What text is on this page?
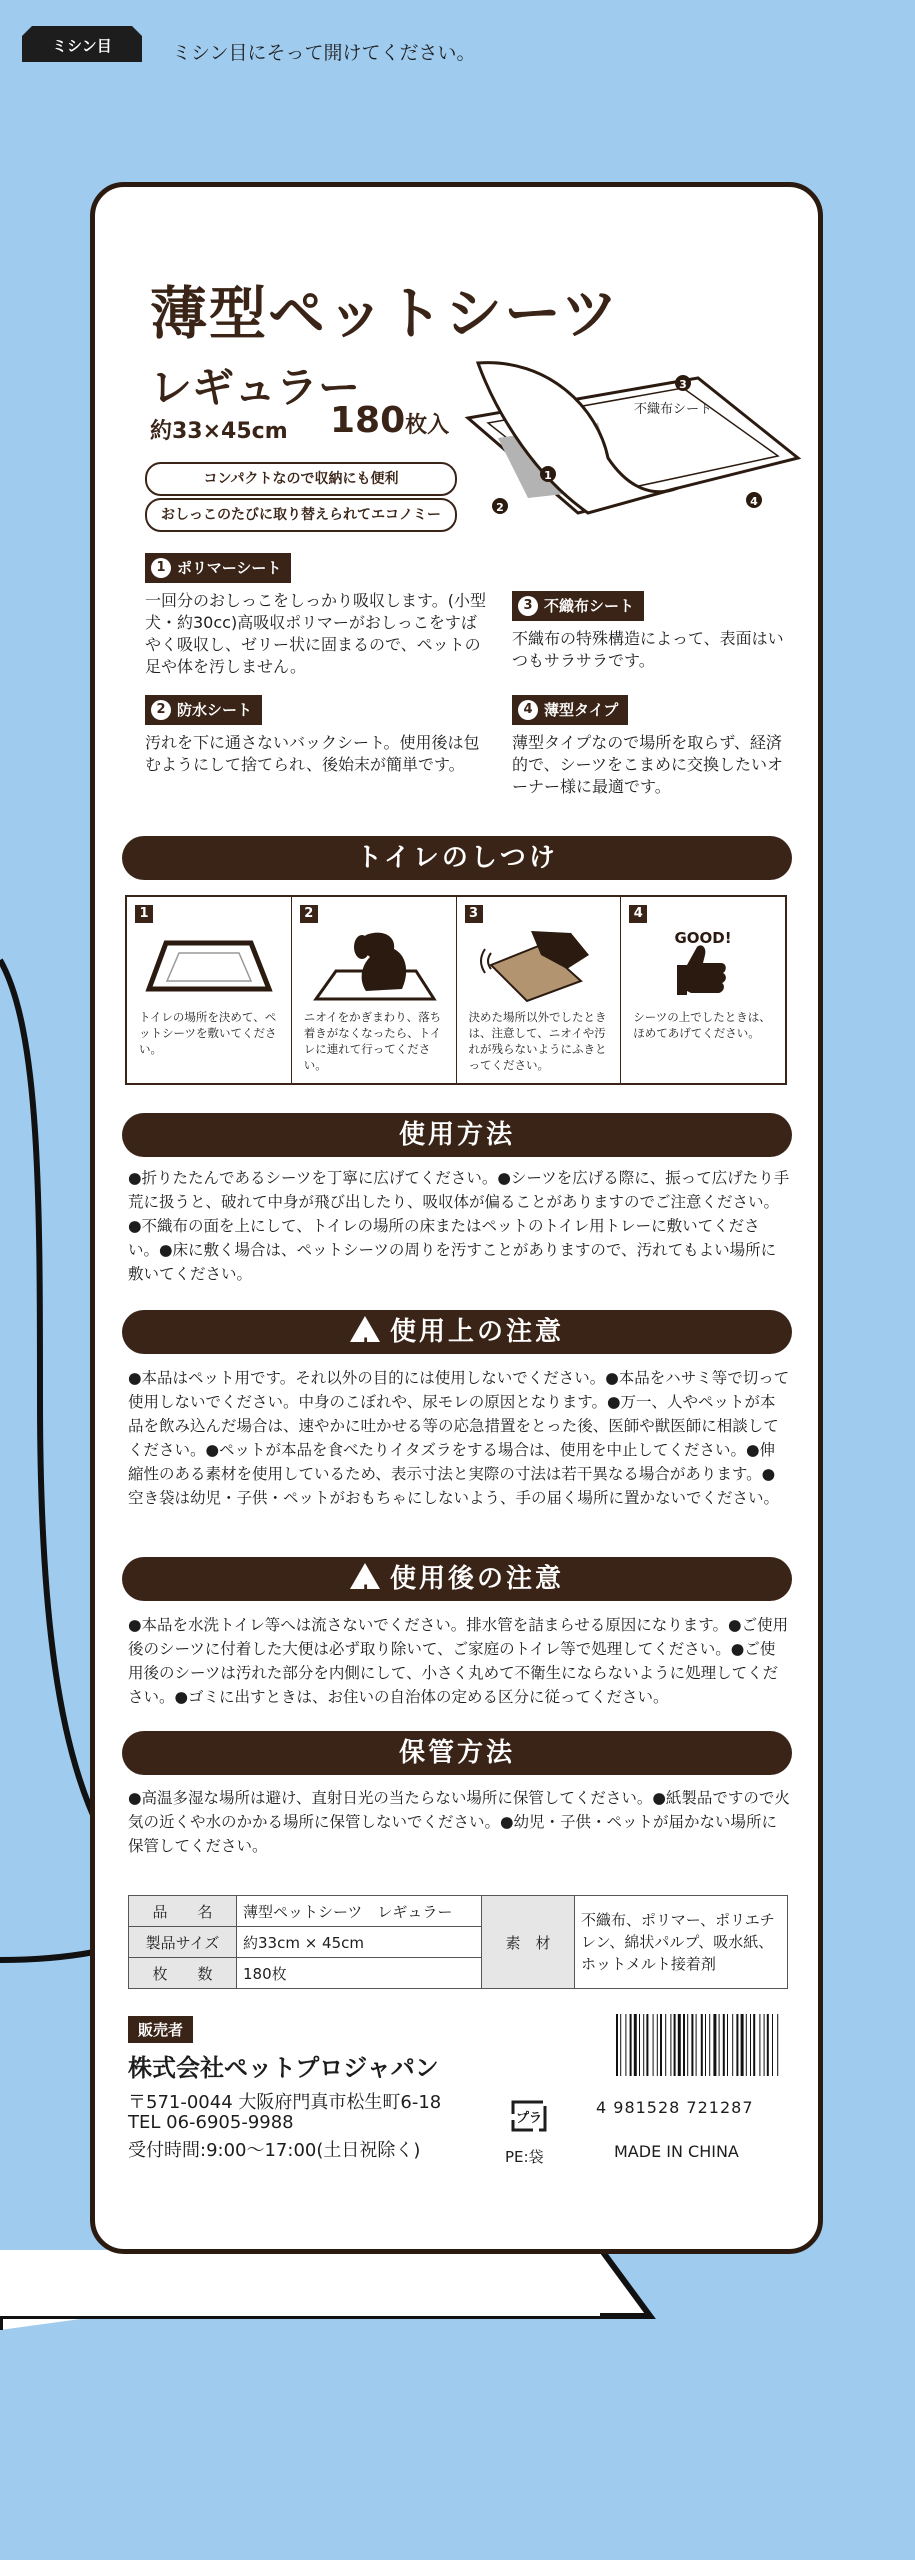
ミシン目	ミシン目にそって開けてください。
薄型ペットシーツ
レギュラー
約33×45cm 180枚入
コンパクトなので収納にも便利
おしっこのたびに取り替えられてエコノミー
3
不織布シート
1
2	4
1 ポリマーシート
一回分のおしっこをしっかり吸収します。(小型犬・約30cc)高吸収ポリマーがおしっこをすばやく吸収し、ゼリー状に固まるので、ペットの足や体を汚しません。
2 防水シート
汚れを下に通さないバックシート。使用後は包むようにして捨てられ、後始末が簡単です。
3 不織布シート
不織布の特殊構造によって、表面はいつもサラサラです。
4 薄型タイプ
薄型タイプなので場所を取らず、経済的で、シーツをこまめに交換したいオーナー様に最適です。
トイレのしつけ
1
トイレの場所を決めて、ペットシーツを敷いてください。
2
ニオイをかぎまわり、落ち着きがなくなったら、トイレに連れて行ってください。
3
決めた場所以外でしたときは、注意して、ニオイや汚れが残らないようにふきとってください。
4
GOOD!
シーツの上でしたときは、ほめてあげてください。
使用方法
●折りたたんであるシーツを丁寧に広げてください。●シーツを広げる際に、振って広げたり手荒に扱うと、破れて中身が飛び出したり、吸収体が偏ることがありますのでご注意ください。●不織布の面を上にして、トイレの場所の床またはペットのトイレ用トレーに敷いてください。●床に敷く場合は、ペットシーツの周りを汚すことがありますので、汚れてもよい場所に敷いてください。
! 使用上の注意
●本品はペット用です。それ以外の目的には使用しないでください。●本品をハサミ等で切って使用しないでください。中身のこぼれや、尿モレの原因となります。●万一、人やペットが本品を飲み込んだ場合は、速やかに吐かせる等の応急措置をとった後、医師や獣医師に相談してください。●ペットが本品を食べたりイタズラをする場合は、使用を中止してください。●伸縮性のある素材を使用しているため、表示寸法と実際の寸法は若干異なる場合があります。●空き袋は幼児・子供・ペットがおもちゃにしないよう、手の届く場所に置かないでください。
! 使用後の注意
●本品を水洗トイレ等へは流さないでください。排水管を詰まらせる原因になります。●ご使用後のシーツに付着した大便は必ず取り除いて、ご家庭のトイレ等で処理してください。●ご使用後のシーツは汚れた部分を内側にして、小さく丸めて不衛生にならないように処理してください。●ゴミに出すときは、お住いの自治体の定める区分に従ってください。
保管方法
●高温多湿な場所は避け、直射日光の当たらない場所に保管してください。●紙製品ですので火気の近くや水のかかる場所に保管しないでください。●幼児・子供・ペットが届かない場所に保管してください。
品　　名	薄型ペットシーツ　レギュラー	素　材	不織布、ポリマー、ポリエチレン、綿状パルプ、吸水紙、ホットメルト接着剤
製品サイズ	約33cm × 45cm		
枚　　数	180枚		
販売者
株式会社ペットプロジャパン
〒571-0044 大阪府門真市松生町6-18
TEL 06-6905-9988
受付時間:9:00～17:00(土日祝除く)
プラ
PE:袋
4 981528 721287
MADE IN CHINA
